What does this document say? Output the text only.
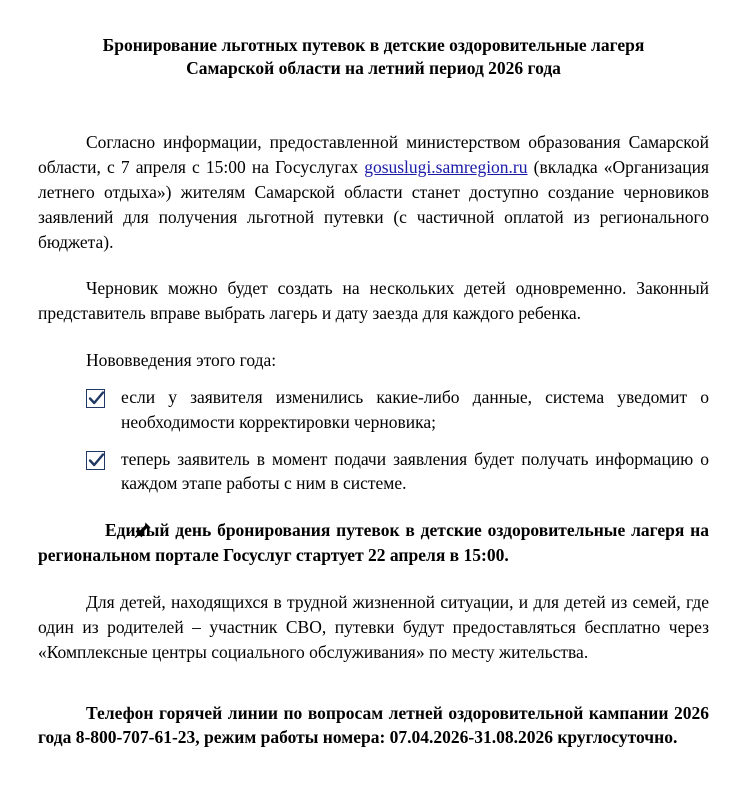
Бронирование льготных путевок в детские оздоровительные лагеря
Самарской области на летний период 2026 года

Согласно информации, предоставленной министерством образования Самарской области, с 7 апреля с 15:00 на Госуслугах gosuslugi.samregion.ru (вкладка «Организация летнего отдыха») жителям Самарской области станет доступно создание черновиков заявлений для получения льготной путевки (с частичной оплатой из регионального бюджета).

Черновик можно будет создать на нескольких детей одновременно. Законный представитель вправе выбрать лагерь и дату заезда для каждого ребенка.

Нововведения этого года:

если у заявителя изменились какие-либо данные, система уведомит о необходимости корректировки черновика;
теперь заявитель в момент подачи заявления будет получать информацию о каждом этапе работы с ним в системе.

Единый день бронирования путевок в детские оздоровительные лагеря на региональном портале Госуслуг стартует 22 апреля в 15:00.

Для детей, находящихся в трудной жизненной ситуации, и для детей из семей, где один из родителей – участник СВО, путевки будут предоставляться бесплатно через «Комплексные центры социального обслуживания» по месту жительства.

Телефон горячей линии по вопросам летней оздоровительной кампании 2026 года 8-800-707-61-23, режим работы номера: 07.04.2026-31.08.2026 круглосуточно.
